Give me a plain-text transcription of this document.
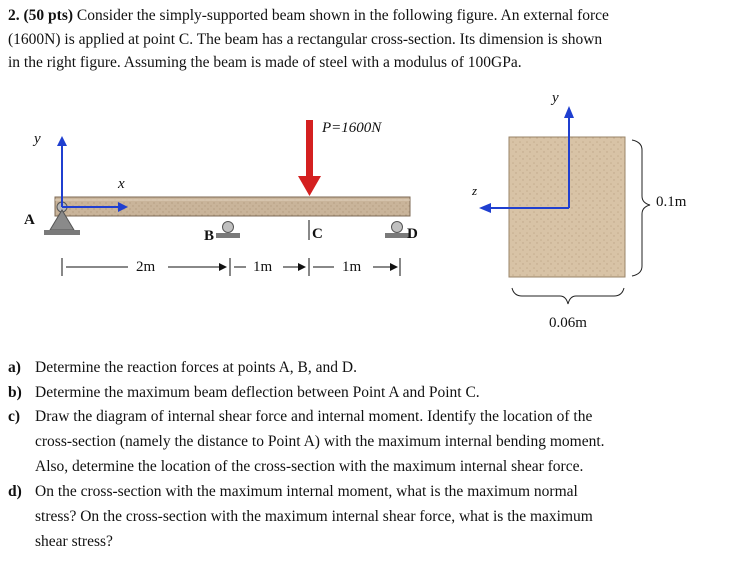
2. (50 pts) Consider the simply-supported beam shown in the following figure. An external force
(1600N) is applied at point C. The beam has a rectangular cross-section. Its dimension is shown
in the right figure. Assuming the beam is made of steel with a modulus of 100GPa.
P=1600N
y
x
A
B	C	D
2m	1m	1m
y
z
0.1m
0.06m
a) Determine the reaction forces at points A, B, and D.
b) Determine the maximum beam deflection between Point A and Point C.
c) Draw the diagram of internal shear force and internal moment. Identify the location of the
cross-section (namely the distance to Point A) with the maximum internal bending moment.
Also, determine the location of the cross-section with the maximum internal shear force.
d) On the cross-section with the maximum internal moment, what is the maximum normal
stress? On the cross-section with the maximum internal shear force, what is the maximum
shear stress?
